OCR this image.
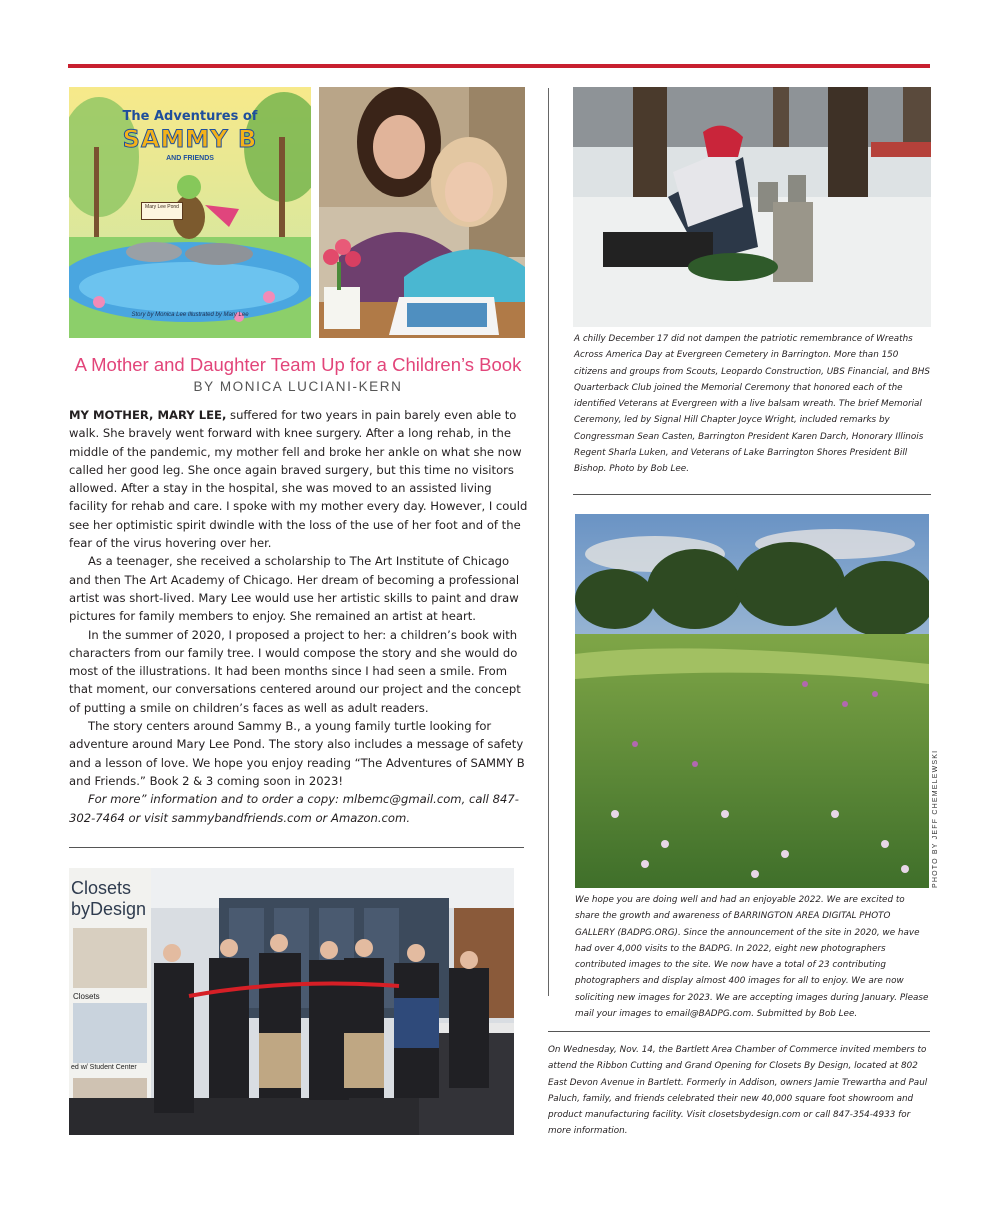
The Adventures of
SAMMY B
AND FRIENDS
Mary Lee Pond
Story by Monica Lee Illustrated by Mary Lee
A Mother and Daughter Team Up for a Children’s Book
BY MONICA LUCIANI-KERN

MY MOTHER, MARY LEE, suffered for two years in pain barely even able to walk. She bravely went forward with knee surgery. After a long rehab, in the middle of the pandemic, my mother fell and broke her ankle on what she now called her good leg. She once again braved surgery, but this time no visitors allowed. After a stay in the hospital, she was moved to an assisted living facility for rehab and care. I spoke with my mother every day. However, I could see her optimistic spirit dwindle with the loss of the use of her foot and of the fear of the virus hovering over her.

As a teenager, she received a scholarship to The Art Institute of Chicago and then The Art Academy of Chicago. Her dream of becoming a professional artist was short-lived. Mary Lee would use her artistic skills to paint and draw pictures for family members to enjoy. She remained an artist at heart.

In the summer of 2020, I proposed a project to her: a children’s book with characters from our family tree. I would compose the story and she would do most of the illustrations. It had been months since I had seen a smile. From that moment, our conversations centered around our project and the concept of putting a smile on children’s faces as well as adult readers.

The story centers around Sammy B., a young family turtle looking for adventure around Mary Lee Pond. The story also includes a message of safety and a lesson of love. We hope you enjoy reading “The Adventures of SAMMY B and Friends.” Book 2 & 3 coming soon in 2023!

For more” information and to order a copy: mlbemc@gmail.com, call 847-302-7464 or visit sammybandfriends.com or Amazon.com.

Closets
byDesign
Closets
ed w/ Student Center
A chilly December 17 did not dampen the patriotic remembrance of Wreaths Across America Day at Evergreen Cemetery in Barrington. More than 150 citizens and groups from Scouts, Leopardo Construction, UBS Financial, and BHS Quarterback Club joined the Memorial Ceremony that honored each of the identified Veterans at Evergreen with a live balsam wreath. The brief Memorial Ceremony, led by Signal Hill Chapter Joyce Wright, included remarks by Congressman Sean Casten, Barrington President Karen Darch, Honorary Illinois Regent Sharla Luken, and Veterans of Lake Barrington Shores President Bill Bishop. Photo by Bob Lee.
PHOTO BY JEFF CHEMELEWSKI
We hope you are doing well and had an enjoyable 2022. We are excited to share the growth and awareness of BARRINGTON AREA DIGITAL PHOTO GALLERY (BADPG.ORG). Since the announcement of the site in 2020, we have had over 4,000 visits to the BADPG. In 2022, eight new photographers contributed images to the site. We now have a total of 23 contributing photographers and display almost 400 images for all to enjoy. We are now soliciting new images for 2023. We are accepting images during January. Please mail your images to email@BADPG.com. Submitted by Bob Lee.
On Wednesday, Nov. 14, the Bartlett Area Chamber of Commerce invited members to attend the Ribbon Cutting and Grand Opening for Closets By Design, located at 802 East Devon Avenue in Bartlett. Formerly in Addison, owners Jamie Trewartha and Paul Paluch, family, and friends celebrated their new 40,000 square foot showroom and product manufacturing facility. Visit closetsbydesign.com or call 847-354-4933 for more information.
